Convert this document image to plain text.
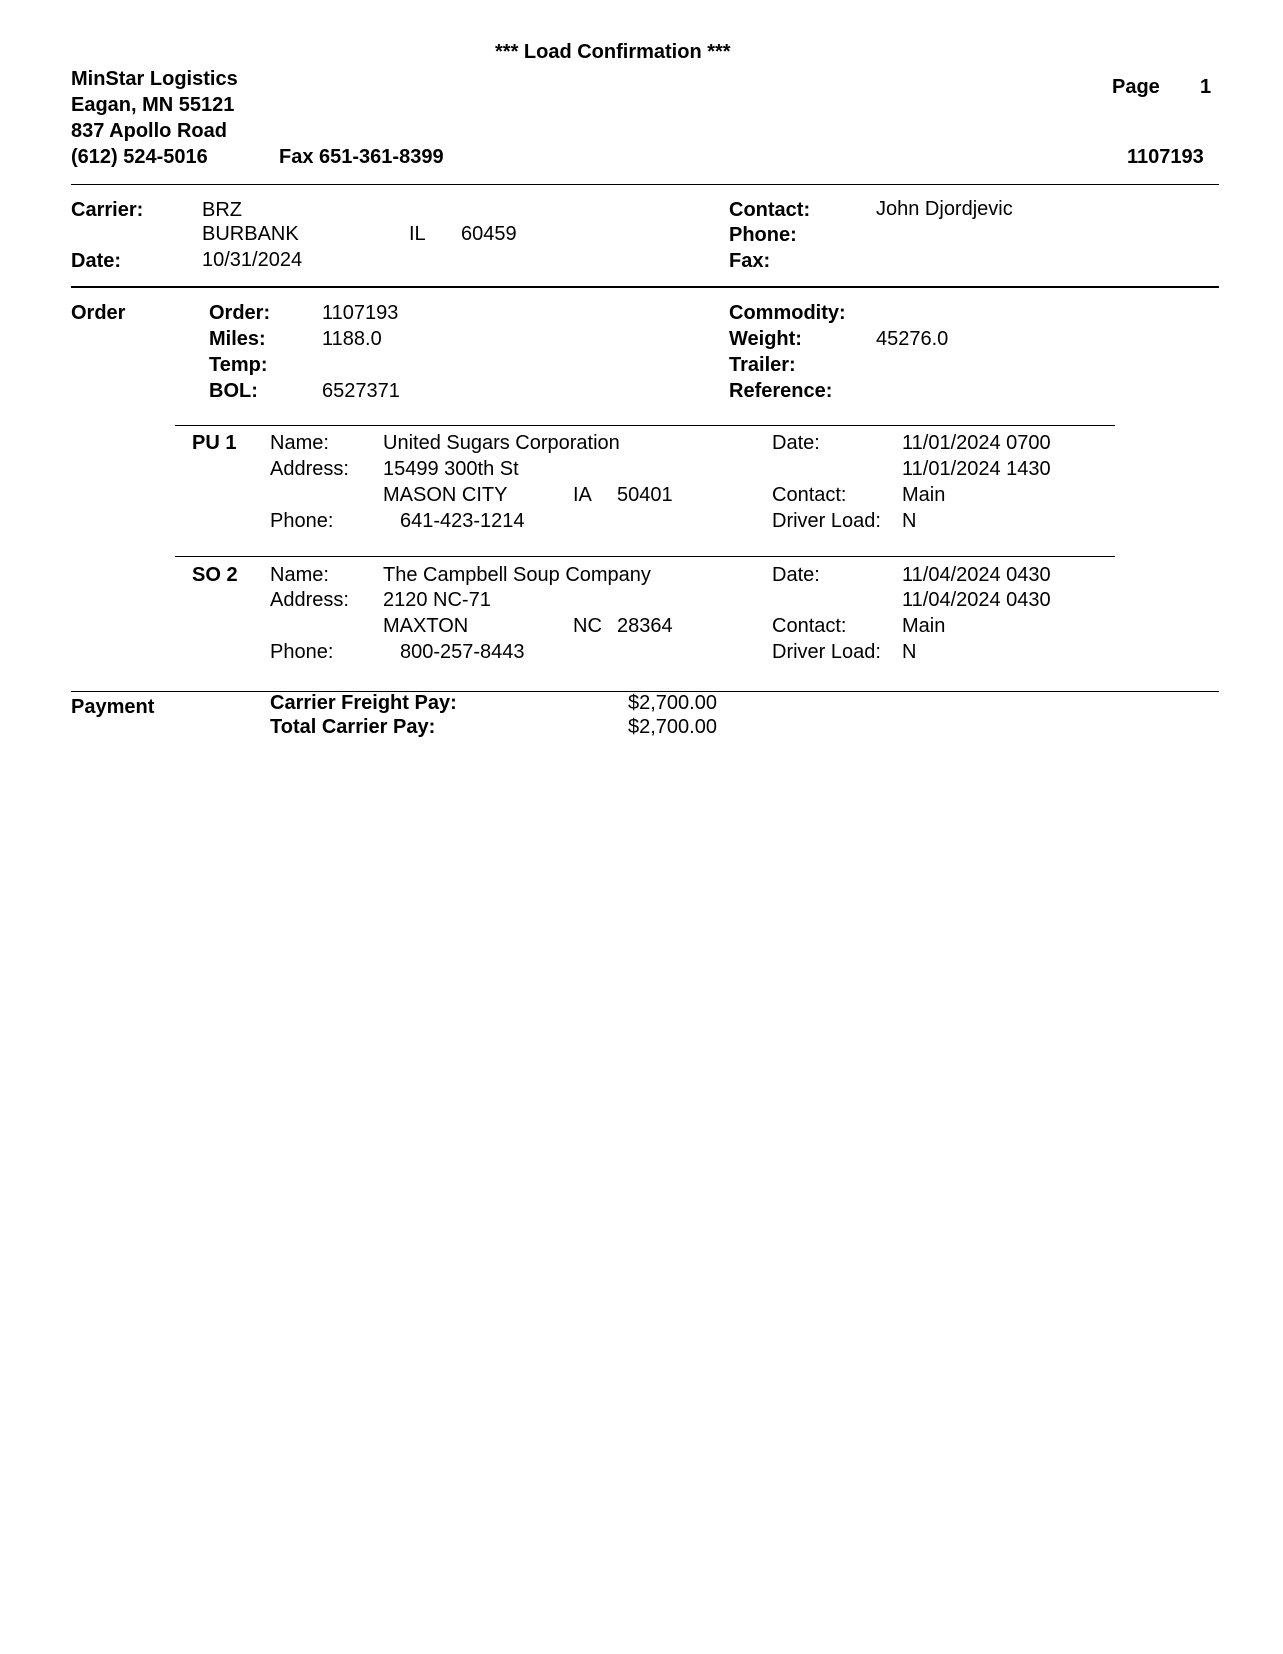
*** Load Confirmation ***
MinStar Logistics
Eagan, MN 55121
837 Apollo Road
(612) 524-5016	Fax 651-361-8399
Page 1
1107193
Carrier:	BRZ
BURBANK	IL 60459
Date:	10/31/2024
Contact:	John Djordjevic
Phone:
Fax:
Order	Order:	1107193
Miles:	1188.0
Temp:
BOL:	6527371
Commodity:
Weight:	45276.0
Trailer:
Reference:
PU 1 Name:	United Sugars Corporation
Address: 15499 300th St
MASON CITY	IA 50401
Phone:	641-423-1214
Date:	11/01/2024 0700
11/01/2024 1430
Contact:	Main
Driver Load: N
SO 2 Name:	The Campbell Soup Company
Address: 2120 NC-71
MAXTON	NC 28364
Phone:	800-257-8443
Date:	11/04/2024 0430
11/04/2024 0430
Contact:	Main
Driver Load: N
Payment	Carrier Freight Pay:	$2,700.00
Total Carrier Pay:	$2,700.00
